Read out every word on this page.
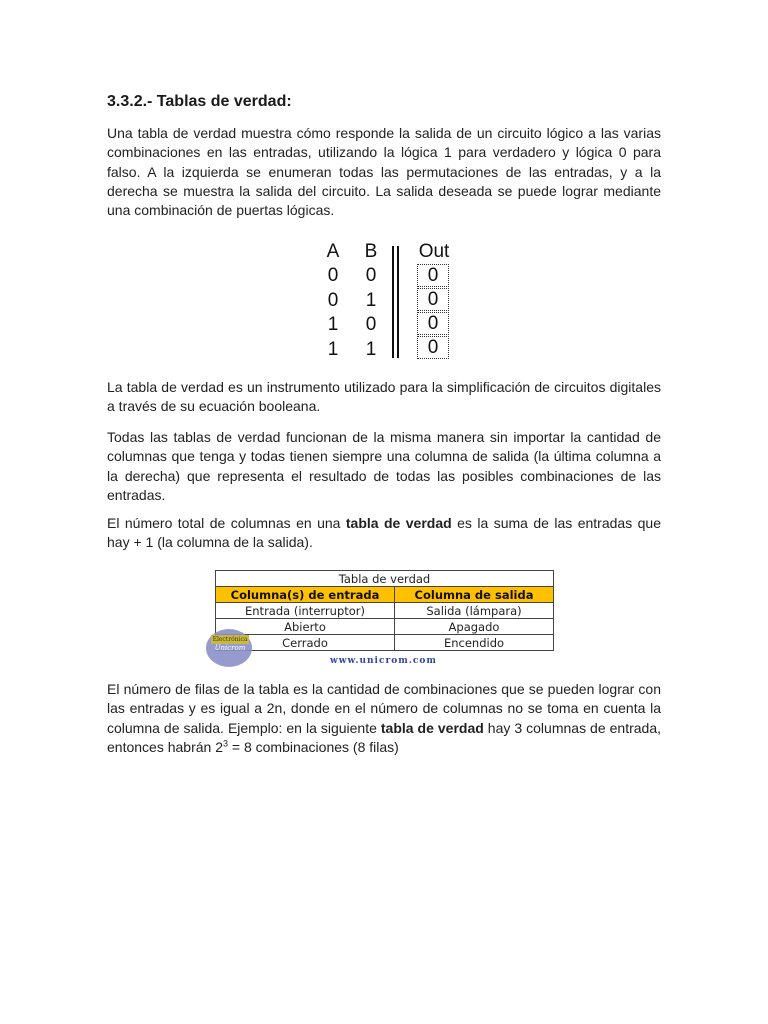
3.3.2.- Tablas de verdad:

Una tabla de verdad muestra cómo responde la salida de un circuito lógico a las varias combinaciones en las entradas, utilizando la lógica 1 para verdadero y lógica 0 para falso. A la izquierda se enumeran todas las permutaciones de las entradas, y a la derecha se muestra la salida del circuito. La salida deseada se puede lograr mediante una combinación de puertas lógicas.

La tabla de verdad es un instrumento utilizado para la simplificación de circuitos digitales a través de su ecuación booleana.

Todas las tablas de verdad funcionan de la misma manera sin importar la cantidad de columnas que tenga y todas tienen siempre una columna de salida (la última columna a la derecha) que representa el resultado de todas las posibles combinaciones de las entradas.

El número total de columnas en una tabla de verdad es la suma de las entradas que hay + 1 (la columna de la salida).

El número de filas de la tabla es la cantidad de combinaciones que se pueden lograr con las entradas y es igual a 2n, donde en el número de columnas no se toma en cuenta la columna de salida. Ejemplo: en la siguiente tabla de verdad hay 3 columnas de entrada, entonces habrán $2^3 = 8$ combinaciones (8 filas)

A	B	Out
0	0	0
0	1	0
1	0	0
1	1	0
Tabla de verdad	
Columna(s) de entrada	Columna de salida
Entrada (interruptor)	Salida (lámpara)
Abierto	Apagado
Cerrado	Encendido
Electrónica
Unicrom
www.unicrom.com
